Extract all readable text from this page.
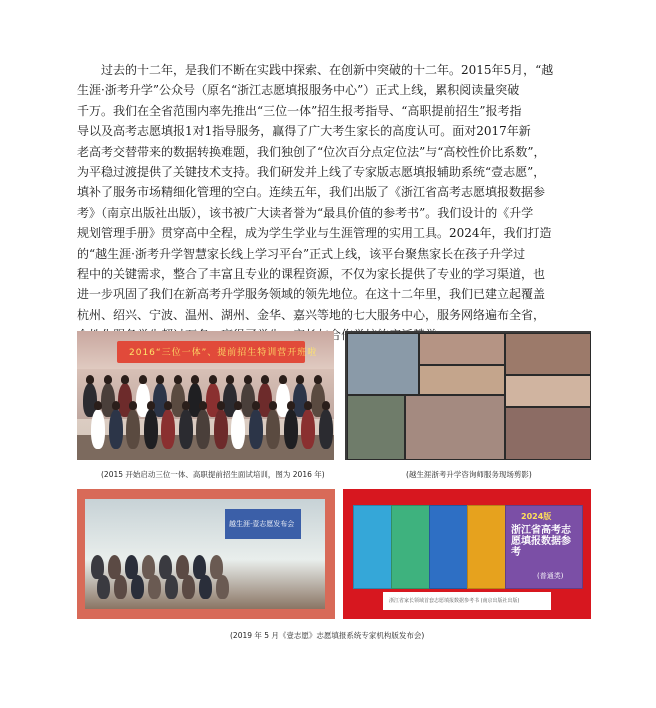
过去的十二年，是我们不断在实践中探索、在创新中突破的十二年。2015年5月，“越
生涯·浙考升学”公众号（原名“浙江志愿填报服务中心”）正式上线，累积阅读量突破
千万。我们在全省范围内率先推出“三位一体”招生报考指导、“高职提前招生”报考指
导以及高考志愿填报1对1指导服务，赢得了广大考生家长的高度认可。面对2017年新
老高考交替带来的数据转换难题，我们独创了“位次百分点定位法”与“高校性价比系数”，
为平稳过渡提供了关键技术支持。我们研发并上线了专家版志愿填报辅助系统“壹志愿”，
填补了服务市场精细化管理的空白。连续五年，我们出版了《浙江省高考志愿填报数据参
考》（南京出版社出版），该书被广大读者誉为“最具价值的参考书”。我们设计的《升学
规划管理手册》贯穿高中全程，成为学生学业与生涯管理的实用工具。2024年，我们打造
的“越生涯·浙考升学智慧家长线上学习平台”正式上线，该平台聚焦家长在孩子升学过
程中的关键需求，整合了丰富且专业的课程资源，不仅为家长提供了专业的学习渠道，也
进一步巩固了我们在新高考升学服务领域的领先地位。在这十二年里，我们已建立起覆盖
杭州、绍兴、宁波、温州、湖州、金华、嘉兴等地的七大服务中心，服务网络遍布全省，

2016“三位一体”、提前招生特训营开班啦
(2015 开始启动三位一体、高职提前招生面试培训，图为 2016 年)	(越生涯浙考升学咨询师服务现场剪影)
越生涯·壹志愿发布会
2024版
浙江省高考志愿填报数据参考
(普通类)
浙江省家长领域首套志愿填报数据参考书 (南京出版社出版)
(2019 年 5 月《壹志愿》志愿填报系统专家机构版发布会)
